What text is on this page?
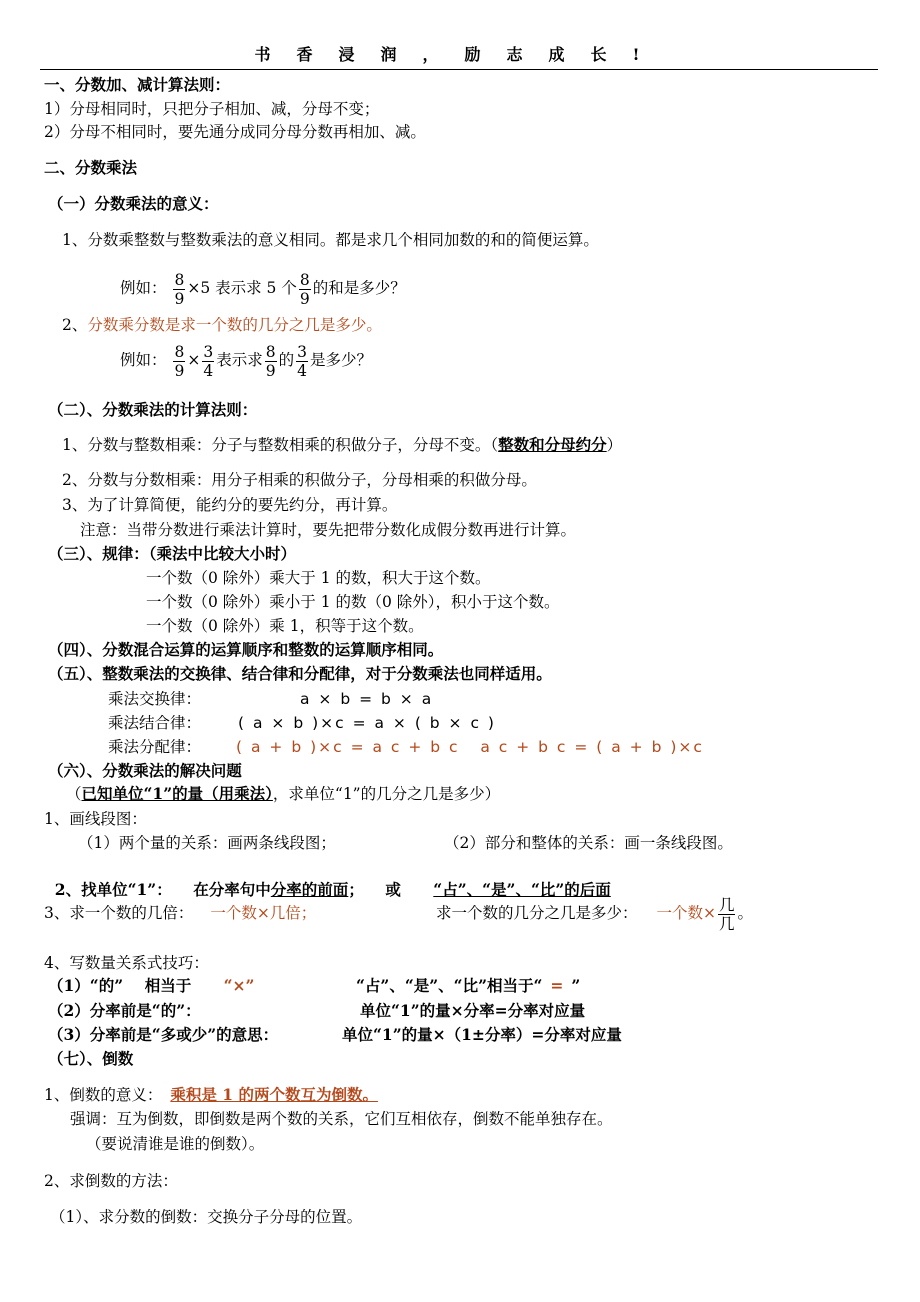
书香浸润，励志成长!
一、分数加、减计算法则：
1）分母相同时，只把分子相加、减，分母不变；
2）分母不相同时，要先通分成同分母分数再相加、减。
二、分数乘法
（一）分数乘法的意义：
1、分数乘整数与整数乘法的意义相同。都是求几个相同加数的和的简便运算。
例如： $\frac{8}{9} \times 5$ 表示求 5 个 $\frac{8}{9}$ 的和是多少？
2、分数乘分数是求一个数的几分之几是多少。
例如： $\frac{8}{9} \times \frac{3}{4}$ 表示求 $\frac{8}{9}$ 的 $\frac{3}{4}$ 是多少？
（二）、分数乘法的计算法则：
1、分数与整数相乘：分子与整数相乘的积做分子，分母不变。（整数和分母约分）
2、分数与分数相乘：用分子相乘的积做分子，分母相乘的积做分母。
3、为了计算简便，能约分的要先约分，再计算。
注意：当带分数进行乘法计算时，要先把带分数化成假分数再进行计算。
（三）、规律：（乘法中比较大小时）
一个数（0 除外）乘大于 1 的数，积大于这个数。
一个数（0 除外）乘小于 1 的数（0 除外），积小于这个数。
一个数（0 除外）乘 1，积等于这个数。
（四）、分数混合运算的运算顺序和整数的运算顺序相同。
（五）、整数乘法的交换律、结合律和分配律，对于分数乘法也同样适用。
乘法交换律：	a × b = b × a
乘法结合律： ( a × b )×c = a × ( b × c )
乘法分配律： ( a + b )×c = a c + b c   a c + b c = ( a + b )×c
（六）、分数乘法的解决问题
（已知单位“1”的量（用乘法），求单位“1”的几分之几是多少）
1、画线段图：
（1）两个量的关系：画两条线段图；	（2）部分和整体的关系：画一条线段图。

2、找单位“1”：    在分率句中分率的前面；    或 “占”、“是”、“比”的后面

3、求一个数的几倍： 一个数×几倍；	求一个数的几分之几是多少： 一个数× $\frac{\text{几}}{\text{几}}$ 。
4、写数量关系式技巧：
（1）“的”    相当于 “×”	“占”、“是”、“比”相当于“ = ”
（2）分率前是“的”：	单位“1”的量×分率=分率对应量
（3）分率前是“多或少”的意思：	单位“1”的量×（1±分率）=分率对应量
（七）、倒数
1、倒数的意义： 乘积是 1 的两个数互为倒数。
强调：互为倒数，即倒数是两个数的关系，它们互相依存，倒数不能单独存在。
（要说清谁是谁的倒数）。
2、求倒数的方法：
（1）、求分数的倒数：交换分子分母的位置。
